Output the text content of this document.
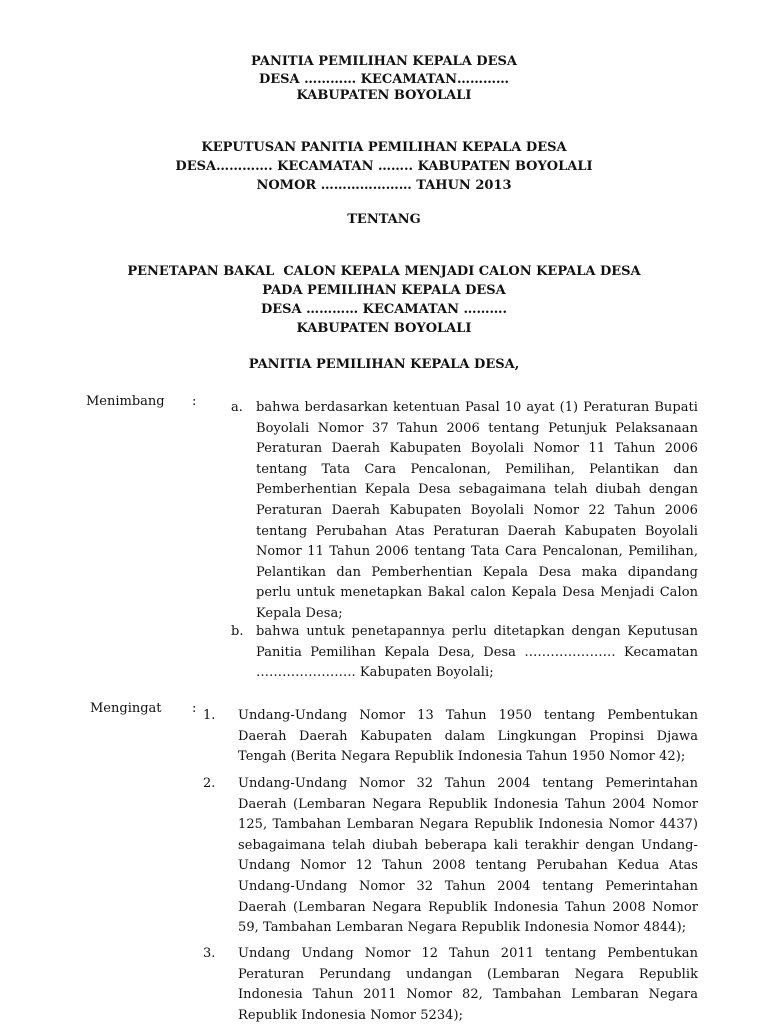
PANITIA PEMILIHAN KEPALA DESA
DESA ………… KECAMATAN…………
KABUPATEN BOYOLALI
KEPUTUSAN PANITIA PEMILIHAN KEPALA DESA
DESA…………. KECAMATAN …….. KABUPATEN BOYOLALI
NOMOR ………………… TAHUN 2013
TENTANG
PENETAPAN BAKAL  CALON KEPALA MENJADI CALON KEPALA DESA
PADA PEMILIHAN KEPALA DESA
DESA ………… KECAMATAN ……….
KABUPATEN BOYOLALI
PANITIA PEMILIHAN KEPALA DESA,
Menimbang :	a. bahwa berdasarkan ketentuan Pasal 10 ayat (1) Peraturan Bupati Boyolali Nomor 37 Tahun 2006 tentang Petunjuk Pelaksanaan Peraturan Daerah Kabupaten Boyolali Nomor 11 Tahun 2006 tentang Tata Cara Pencalonan, Pemilihan, Pelantikan dan Pemberhentian Kepala Desa sebagaimana telah diubah dengan Peraturan Daerah Kabupaten Boyolali Nomor 22 Tahun 2006 tentang Perubahan Atas Peraturan Daerah Kabupaten Boyolali Nomor 11 Tahun 2006 tentang Tata Cara Pencalonan, Pemilihan, Pelantikan dan Pemberhentian Kepala Desa maka dipandang perlu untuk menetapkan Bakal calon Kepala Desa Menjadi Calon Kepala Desa;
b. bahwa untuk penetapannya perlu ditetapkan dengan Keputusan Panitia Pemilihan Kepala Desa, Desa ………………… Kecamatan ………………….. Kabupaten Boyolali;
Mengingat : 1. Undang-Undang Nomor 13 Tahun 1950 tentang Pembentukan Daerah Daerah Kabupaten dalam Lingkungan Propinsi Djawa Tengah (Berita Negara Republik Indonesia Tahun 1950 Nomor 42);
2. Undang-Undang Nomor 32 Tahun 2004 tentang Pemerintahan Daerah (Lembaran Negara Republik Indonesia Tahun 2004 Nomor 125, Tambahan Lembaran Negara Republik Indonesia Nomor 4437) sebagaimana telah diubah beberapa kali terakhir dengan Undang-Undang Nomor 12 Tahun 2008 tentang Perubahan Kedua Atas Undang-Undang Nomor 32 Tahun 2004 tentang Pemerintahan Daerah (Lembaran Negara Republik Indonesia Tahun 2008 Nomor 59, Tambahan Lembaran Negara Republik Indonesia Nomor 4844);
3. Undang Undang Nomor 12 Tahun 2011 tentang Pembentukan Peraturan Perundang undangan (Lembaran Negara Republik Indonesia Tahun 2011 Nomor 82, Tambahan Lembaran Negara Republik Indonesia Nomor 5234);
